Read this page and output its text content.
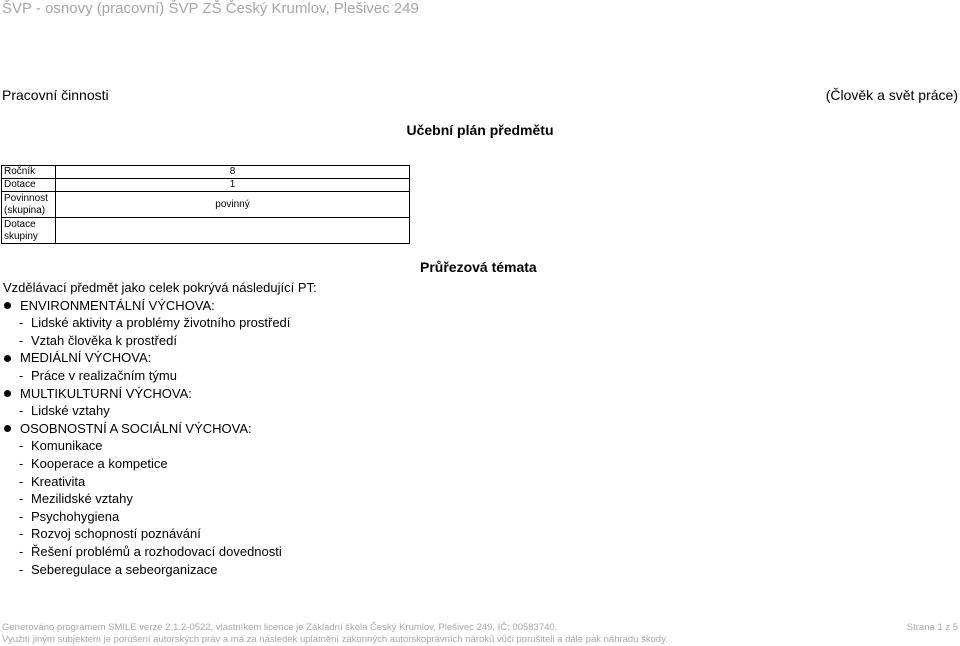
ŠVP - osnovy (pracovní) ŠVP ZŠ Český Krumlov, Plešivec 249
Pracovní činnosti	(Člověk a svět práce)
Učební plán předmětu
Ročník	8
Dotace	1
Povinnost (skupina)	povinný
Dotace skupiny	
Průřezová témata
Vzdělávací předmět jako celek pokrývá následující PT:
ENVIRONMENTÁLNÍ VÝCHOVA:
- Lidské aktivity a problémy životního prostředí
- Vztah člověka k prostředí
MEDIÁLNÍ VÝCHOVA:
- Práce v realizačním týmu
MULTIKULTURNÍ VÝCHOVA:
- Lidské vztahy
OSOBNOSTNÍ A SOCIÁLNÍ VÝCHOVA:
- Komunikace
- Kooperace a kompetice
- Kreativita
- Mezilidské vztahy
- Psychohygiena
- Rozvoj schopností poznávání
- Řešení problémů a rozhodovací dovednosti
- Seberegulace a sebeorganizace
Generováno programem SMILE verze 2.1.2-0522, vlastníkem licence je Základní škola Český Krumlov, Plešivec 249, IČ: 00583740.	Strana 1 z 5
Využití jiným subjektem je porušení autorských práv a má za následek uplatnění zákonných autorskoprávních nároků vůči porušiteli a dále pak náhradu škody.
